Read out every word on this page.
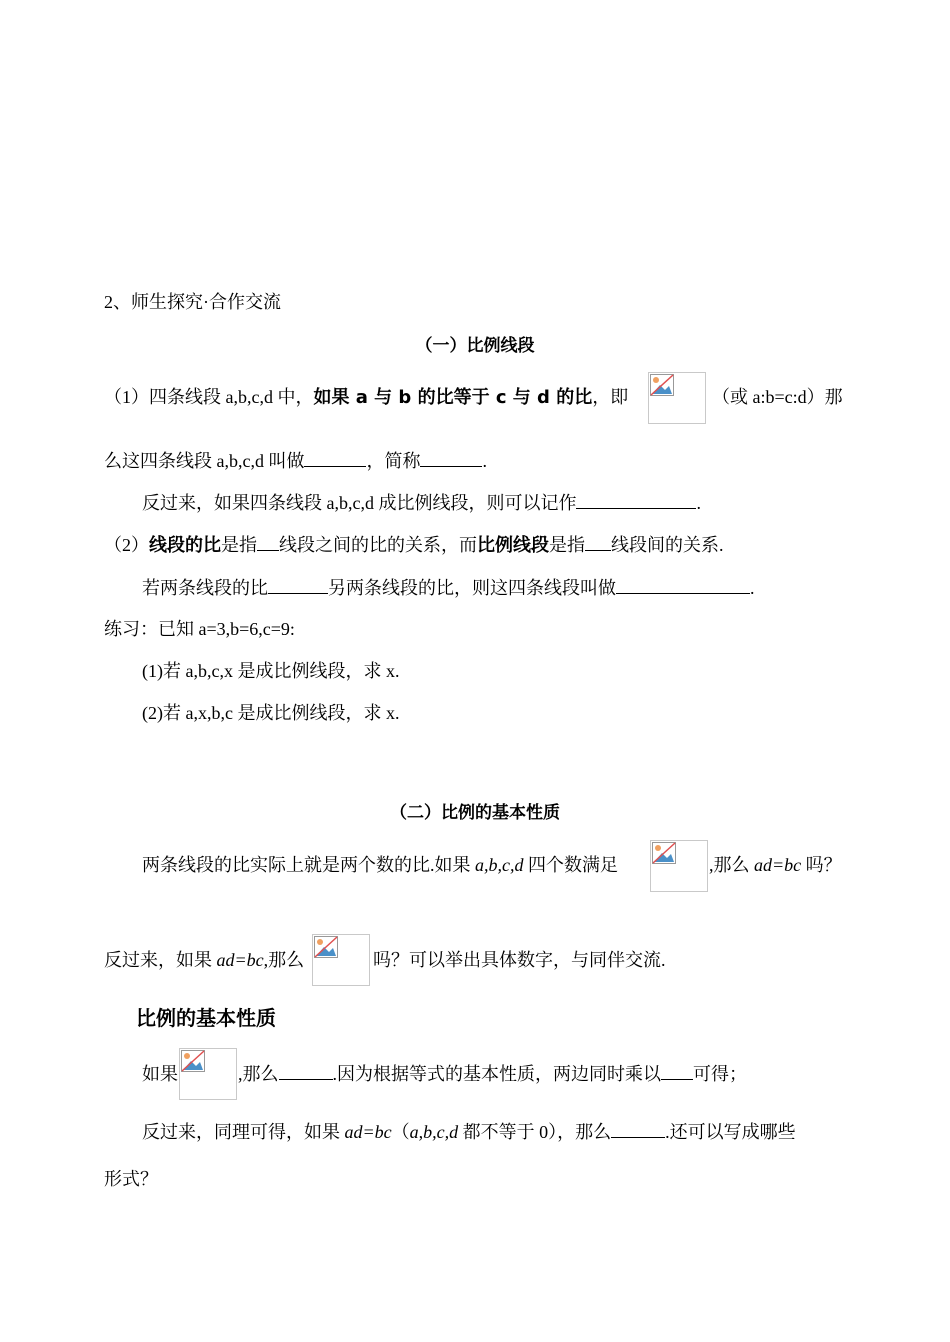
2、师生探究·合作交流
（一）比例线段
（1）四条线段 a,b,c,d 中，如果 a 与 b 的比等于 c 与 d 的比，即	（或 a:b=c:d）那
么这四条线段 a,b,c,d 叫做	，简称	.
反过来，如果四条线段 a,b,c,d 成比例线段，则可以记作	.
（2）线段的比是指 线段之间的比的关系，而比例线段是指 线段间的关系.
若两条线段的比	另两条线段的比，则这四条线段叫做	.
练习：已知 a=3,b=6,c=9:
(1)若 a,b,c,x 是成比例线段，求 x.
(2)若 a,x,b,c 是成比例线段，求 x.
（二）比例的基本性质
两条线段的比实际上就是两个数的比.如果 a,b,c,d 四个数满足	,那么 ad=bc 吗？
反过来，如果 ad=bc,那么	吗？可以举出具体数字，与同伴交流.
比例的基本性质
如果	,那么	.因为根据等式的基本性质，两边同时乘以 可得；
反过来，同理可得，如果 ad=bc（a,b,c,d 都不等于 0），那么	.还可以写成哪些
形式？
